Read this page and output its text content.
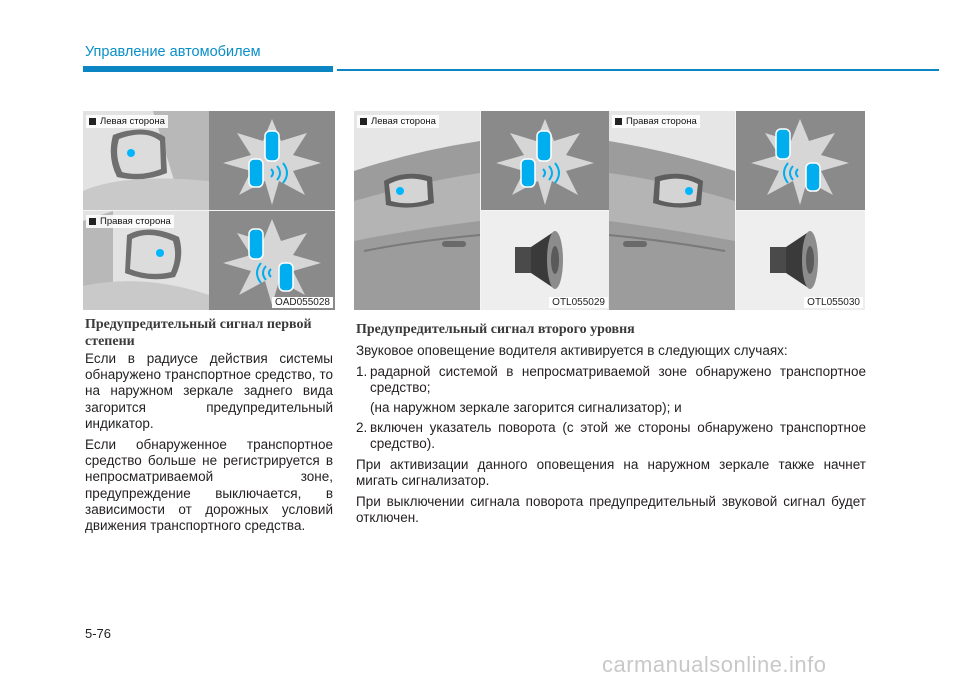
Управление автомобилем
Левая сторона
Правая сторона
OAD055028
Левая сторона
OTL055029
Правая сторона
OTL055030
Предупредительный сигнал первой степени

Если в радиусе действия системы обнаружено транспортное средство, то на наружном зеркале заднего вида загорится предупредительный индикатор.

Если обнаруженное транспортное средство больше не регистрируется в непросматриваемой зоне, предупреждение выключается, в зависимости от дорожных условий движения транспортного средства.

Предупредительный сигнал второго уровня

Звуковое оповещение водителя активируется в следующих случаях:

1. радарной системой в непросматриваемой зоне обнаружено транспортное средство;
(на наружном зеркале загорится сигнализатор); и
2. включен указатель поворота (с этой же стороны обнаружено транспортное средство).

При активизации данного оповещения на наружном зеркале также начнет мигать сигнализатор.

При выключении сигнала поворота предупредительный звуковой сигнал будет отключен.

5-76
carmanualsonline.info
